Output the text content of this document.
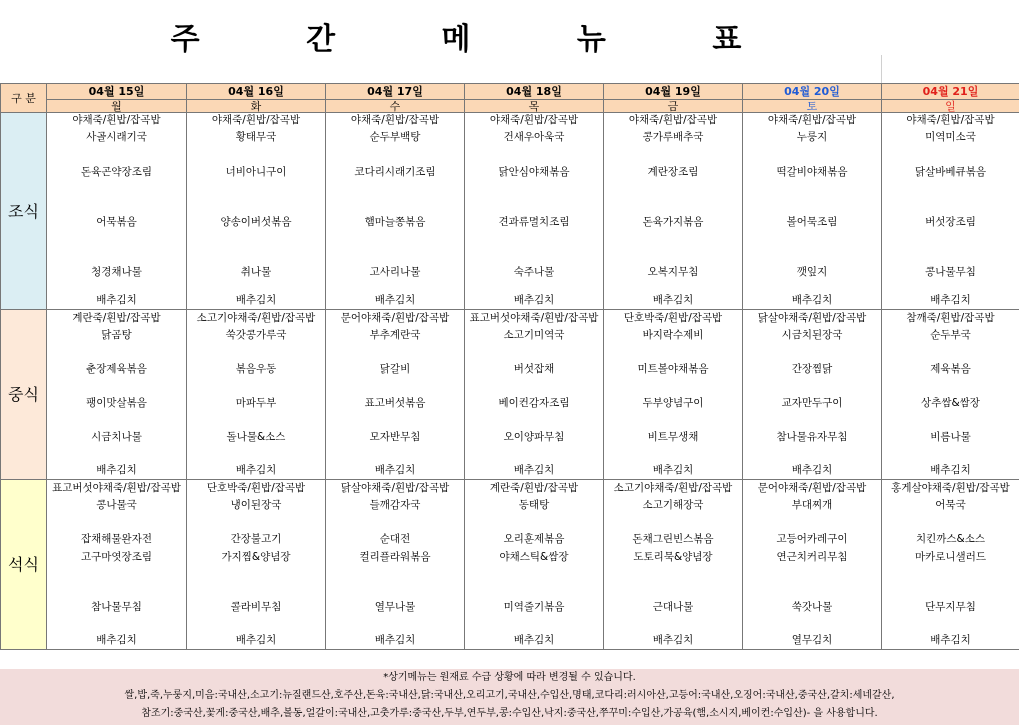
주 간 메 뉴 표
구 분	04월 15일	04월 16일	04월 17일	04월 18일	04월 19일	04월 20일	04월 21일
	월	화	수	목	금	토	일
조식	야채죽/흰밥/잡곡밥	야채죽/흰밥/잡곡밥	야채죽/흰밥/잡곡밥	야채죽/흰밥/잡곡밥	야채죽/흰밥/잡곡밥	야채죽/흰밥/잡곡밥	야채죽/흰밥/잡곡밥
	사골시래기국	황태무국	순두부백탕	건새우아욱국	콩가루배추국	누룽지	미역미소국

	돈육곤약장조림	너비아니구이	코다리시래기조림	닭안심야채볶음	계란장조림	떡갈비야채볶음	닭살바베큐볶음

	어묵볶음	양송이버섯볶음	햄마늘쫑볶음	견과류멸치조림	돈육가지볶음	볼어묵조림	버섯장조림

	청경채나물	취나물	고사리나물	숙주나물	오복지무침	깻잎지	콩나물무침

	배추김치	배추김치	배추김치	배추김치	배추김치	배추김치	배추김치
중식	계란죽/흰밥/잡곡밥	소고기야채죽/흰밥/잡곡밥	문어야채죽/흰밥/잡곡밥	표고버섯야채죽/흰밥/잡곡밥	단호박죽/흰밥/잡곡밥	닭살야채죽/흰밥/잡곡밥	참깨죽/흰밥/잡곡밥
	닭곰탕	쑥갓콩가루국	부추계란국	소고기미역국	바지락수제비	시금치된장국	순두부국

	춘장제육볶음	볶음우동	닭갈비	버섯잡채	미트볼야채볶음	간장찜닭	제육볶음

	팽이맛살볶음	마파두부	표고버섯볶음	베이컨감자조림	두부양념구이	교자만두구이	상추쌈&쌈장

	시금치나물	돌나물&소스	모자반무침	오이양파무침	비트무생채	참나물유자무침	비름나물

	배추김치	배추김치	배추김치	배추김치	배추김치	배추김치	배추김치
석식	표고버섯야채죽/흰밥/잡곡밥	단호박죽/흰밥/잡곡밥	닭살야채죽/흰밥/잡곡밥	계란죽/흰밥/잡곡밥	소고기야채죽/흰밥/잡곡밥	문어야채죽/흰밥/잡곡밥	홍게살야채죽/흰밥/잡곡밥
	콩나물국	냉이된장국	들깨감자국	동태탕	소고기해장국	부대찌개	어묵국

	잡채해물완자전	간장불고기	순대전	오리훈제볶음	돈채그린빈스볶음	고등어카레구이	치킨까스&소스
	고구마엿장조림	가지찜&양념장	컬리플라워볶음	야채스틱&쌈장	도토리묵&양념장	연근치커리무침	마카로니샐러드

	참나물무침	콜라비무침	열무나물	미역줄기볶음	근대나물	쑥갓나물	단무지무침

	배추김치	배추김치	배추김치	배추김치	배추김치	열무김치	배추김치
*상기메뉴는 원재료 수급 상황에 따라 변경될 수 있습니다.
쌀,밥,죽,누룽지,미음:국내산,소고기:뉴질랜드산,호주산,돈육:국내산,닭:국내산,오리고기,국내산,수입산,명태,코다리:러시아산,고등어:국내산,오징어:국내산,중국산,갈치:세네갈산,
참조기:중국산,꽃게:중국산,배추,볼동,얼갈이:국내산,고춧가루:중국산,두부,연두부,콩:수입산,낙지:중국산,쭈꾸미:수입산,가공육(햄,소시지,베이컨:수입산)- 을 사용합니다.
